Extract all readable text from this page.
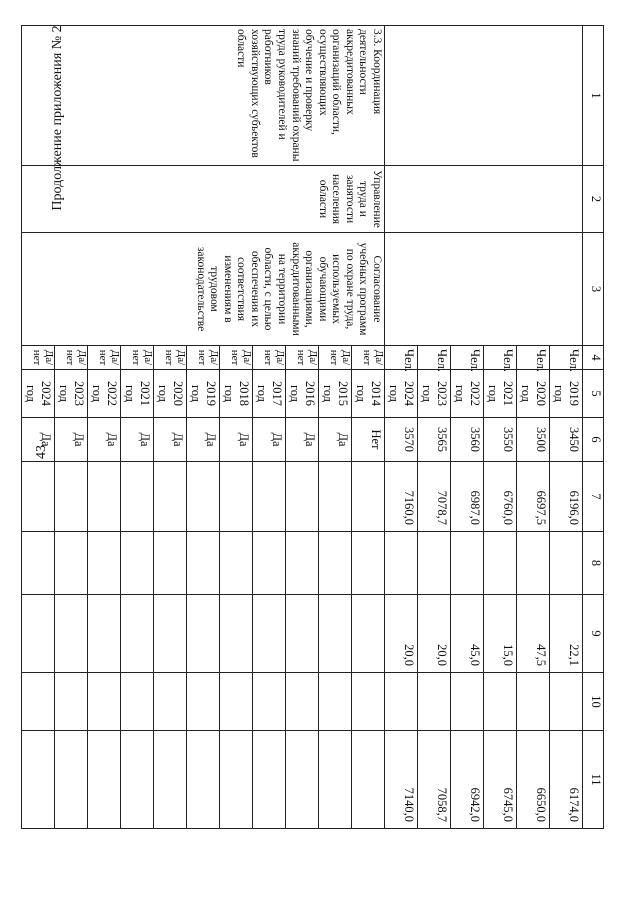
43
Продолжение приложения № 2	1	2	3	4	5	6	7	8	9	10	11
			Чел.	2019 год	3450	6196,0		22,1		6174,0
			Чел.	2020 год	3500	6697,5		47,5		6650,0
			Чел.	2021 год	3550	6760,0		15,0		6745,0
			Чел.	2022 год	3560	6987,0		45,0		6942,0
			Чел.	2023 год	3565	7078,7		20,0		7058,7
			Чел.	2024 год	3570	7160,0		20,0		7140,0
3.3. Координация деятельности аккредитованных организаций области, осуществляющих обучение и проверку знаний требований охраны труда руководителей и работников хозяйствующих субъектов области	Управление труда и занятости населения области	Согласование учебных программ по охране труда, используемых обучающими организациями, аккредитованными на территории области, с целью обеспечения их соответствия изменениям в трудовом законодательстве	Да/ нет	2014 год	Нет					
			Да/ нет	2015 год	Да					
			Да/ нет	2016 год	Да					
			Да/ нет	2017 год	Да					
			Да/ нет	2018 год	Да					
			Да/ нет	2019 год	Да					
			Да/ нет	2020 год	Да					
			Да/ нет	2021 год	Да					
			Да/ нет	2022 год	Да					
			Да/ нет	2023 год	Да					
			Да/ нет	2024 год	Да					
